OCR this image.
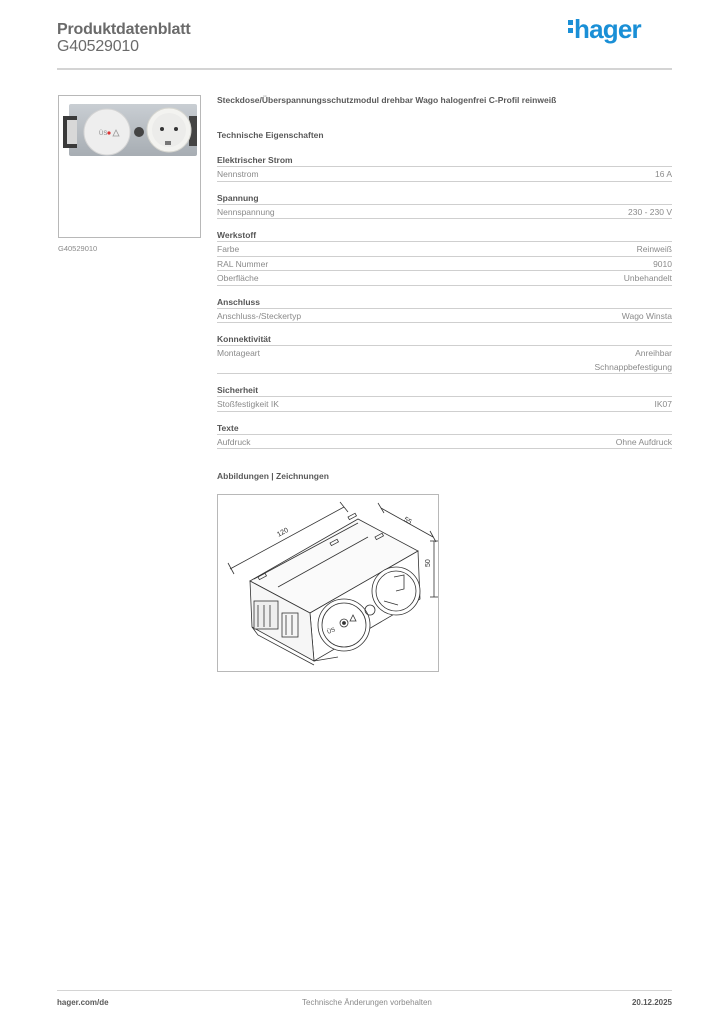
Produktdatenblatt
G40529010
hager
ÜS
G40529010
Steckdose/Überspannungsschutzmodul drehbar Wago halogenfrei C-Profil reinweiß
Technische Eigenschaften
Elektrischer Strom
Nennstrom	16 A
Spannung
Nennspannung	230 - 230 V
Werkstoff
Farbe	Reinweiß
RAL Nummer	9010
Oberfläche	Unbehandelt
Anschluss
Anschluss-/Steckertyp	Wago Winsta
Konnektivität
Montageart	Anreihbar
Schnappbefestigung
Sicherheit
Stoßfestigkeit IK	IK07
Texte
Aufdruck	Ohne Aufdruck
Abbildungen | Zeichnungen
120
55
50
ÜS
hager.com/de	Technische Änderungen vorbehalten	20.12.2025
